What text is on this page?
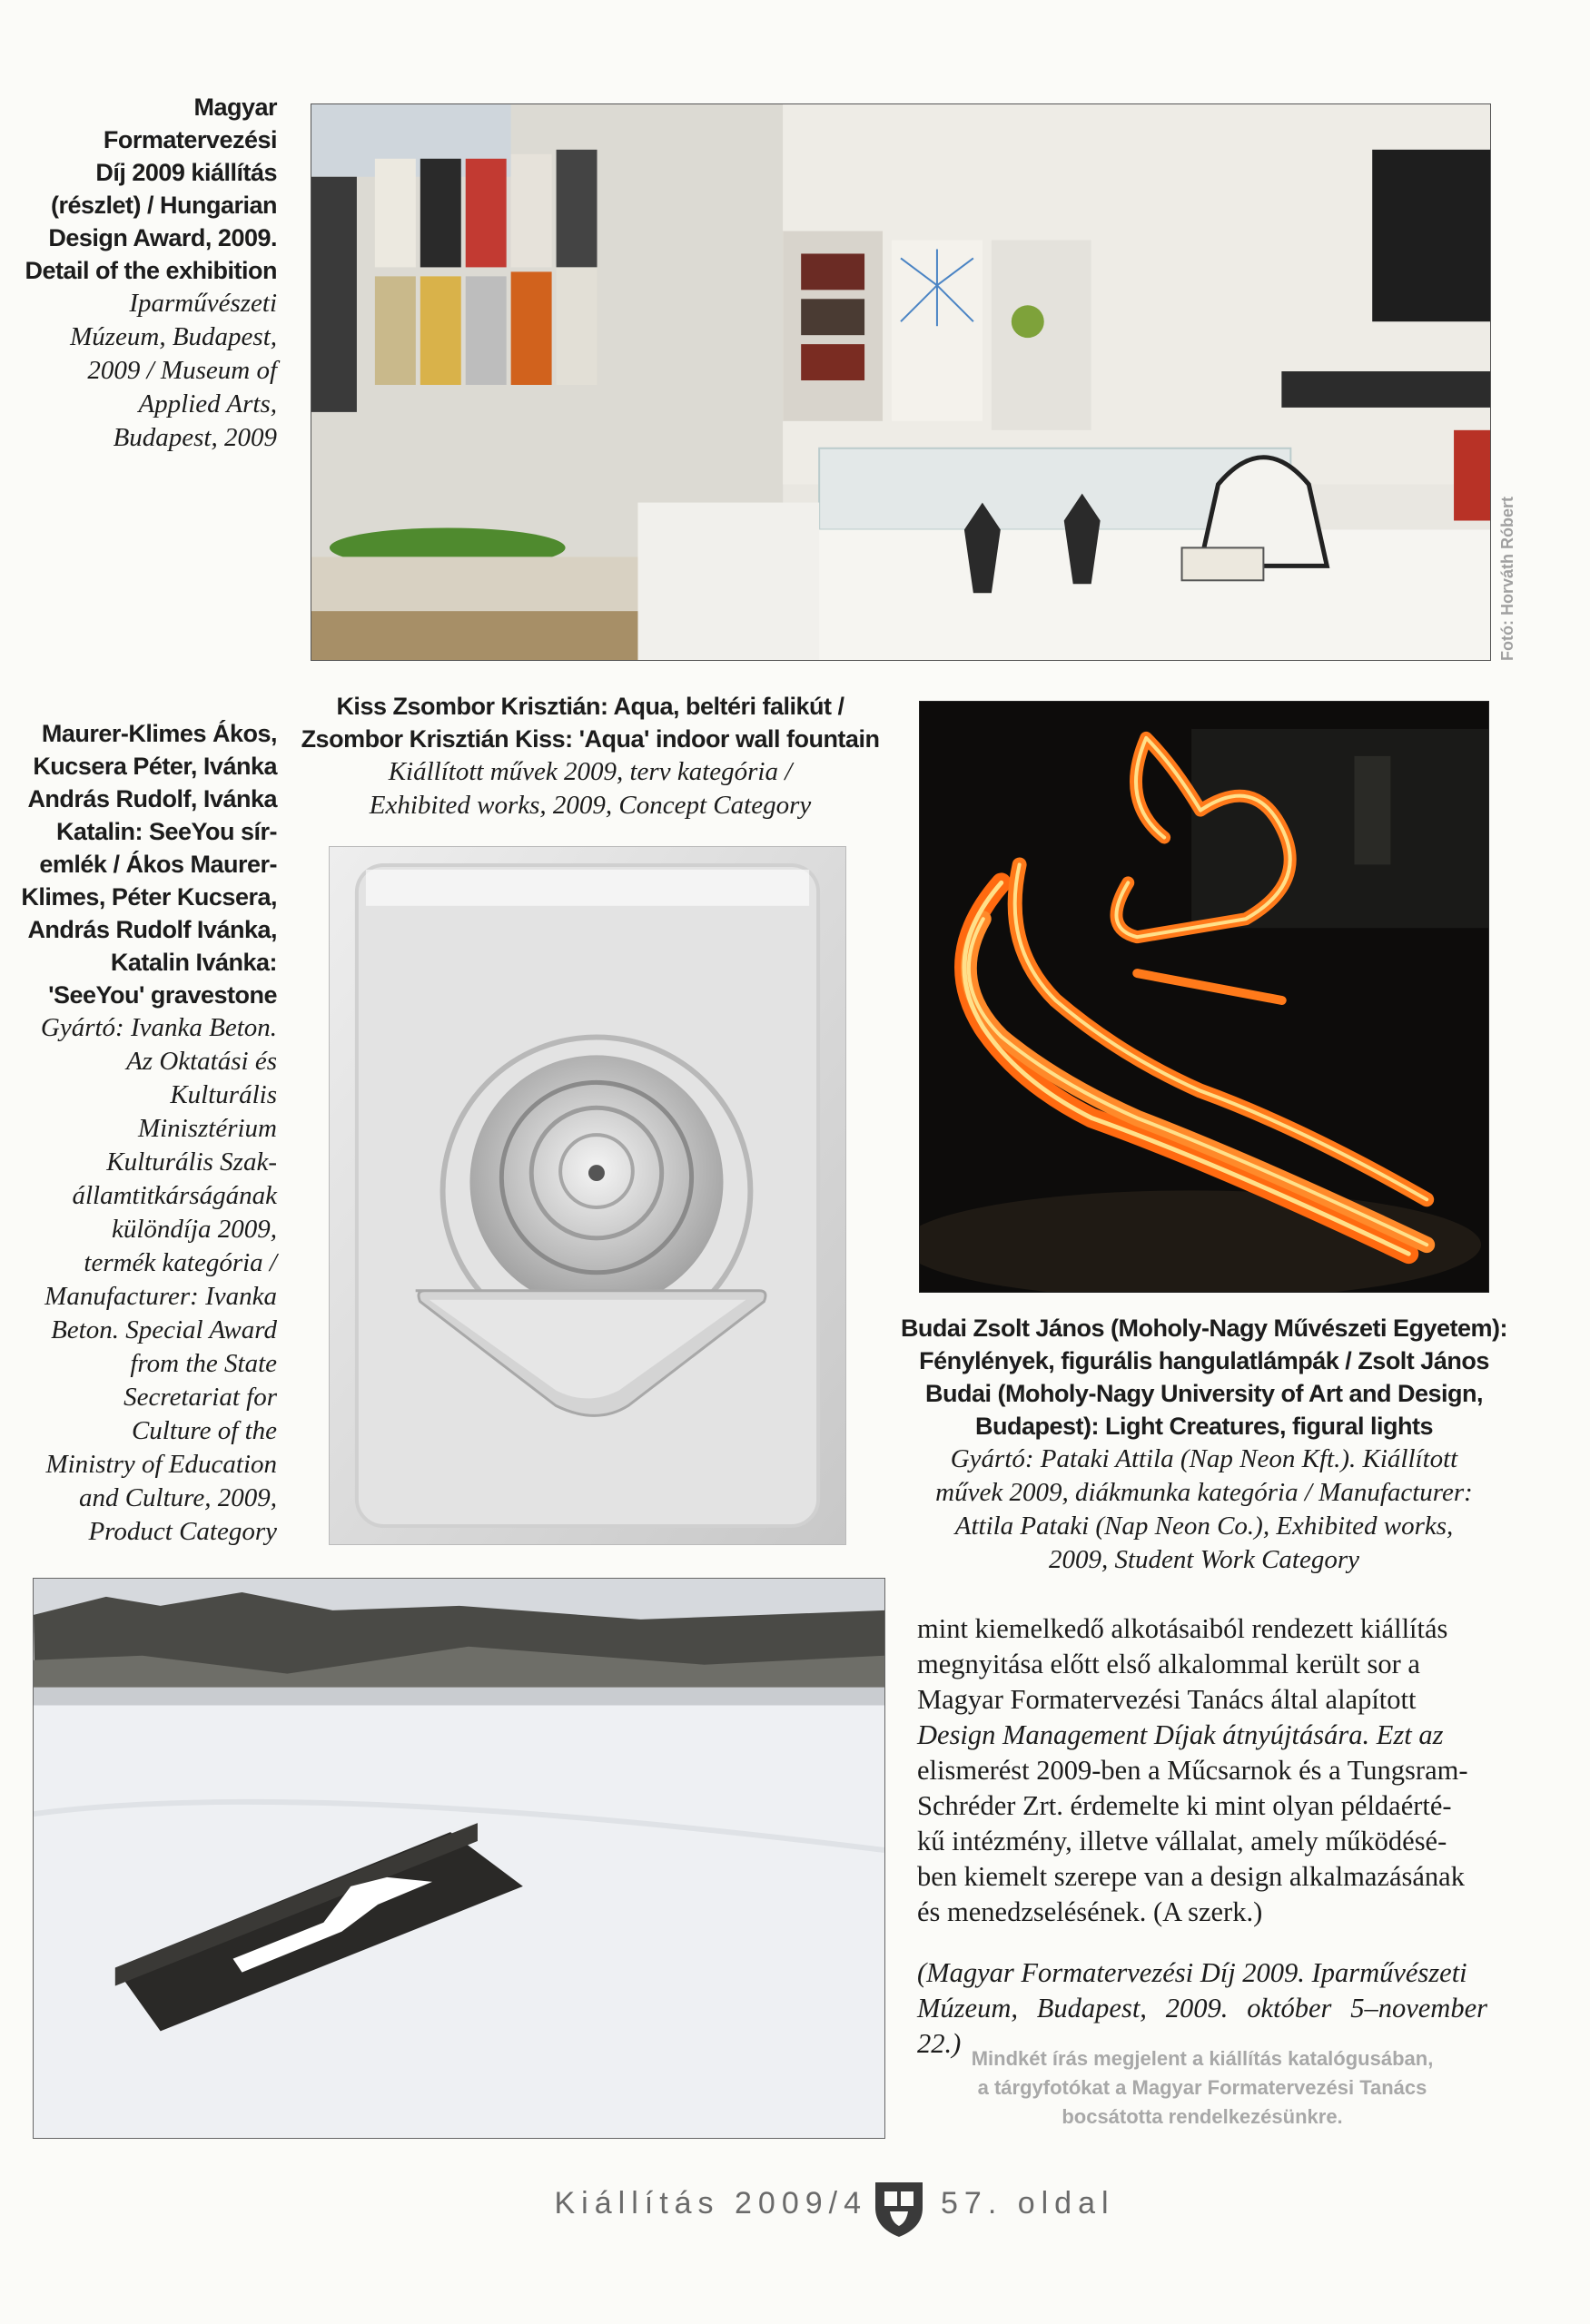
Fotó: Horváth Róbert
Magyar Formatervezési
Díj 2009 kiállítás
(részlet) / Hungarian
Design Award, 2009.
Detail of the exhibition
Iparművészeti
Múzeum, Budapest,
2009 / Museum of
Applied Arts,
Budapest, 2009
Maurer-Klimes Ákos,
Kucsera Péter, Ivánka
András Rudolf, Ivánka
Katalin: SeeYou sír-
emlék / Ákos Maurer-
Klimes, Péter Kucsera,
András Rudolf Ivánka,
Katalin Ivánka:
'SeeYou' gravestone
Gyártó: Ivanka Beton.
Az Oktatási és
Kulturális
Minisztérium
Kulturális Szak-
államtitkárságának
különdíja 2009,
termék kategória /
Manufacturer: Ivanka
Beton. Special Award
from the State
Secretariat for
Culture of the
Ministry of Education
and Culture, 2009,
Product Category
Kiss Zsombor Krisztián: Aqua, beltéri falikút /
Zsombor Krisztián Kiss: 'Aqua' indoor wall fountain
Kiállított művek 2009, terv kategória /
Exhibited works, 2009, Concept Category
Budai Zsolt János (Moholy-Nagy Művészeti Egyetem):
Fénylények, figurális hangulatlámpák / Zsolt János
Budai (Moholy-Nagy University of Art and Design,
Budapest): Light Creatures, figural lights
Gyártó: Pataki Attila (Nap Neon Kft.). Kiállított
művek 2009, diákmunka kategória / Manufacturer:
Attila Pataki (Nap Neon Co.), Exhibited works,
2009, Student Work Category
mint kiemelkedő alkotásaiból rendezett kiállítás
megnyitása előtt első alkalommal került sor a
Magyar Formatervezési Tanács által alapított
Design Management Díjak átnyújtására. Ezt az
elismerést 2009-ben a Műcsarnok és a Tungsram-
Schréder Zrt. érdemelte ki mint olyan példaérté-
kű intézmény, illetve vállalat, amely működésé-
ben kiemelt szerepe van a design alkalmazásának
és menedzselésének. (A szerk.)
(Magyar Formatervezési Díj 2009. Iparművészeti
Múzeum, Budapest, 2009. október 5–november 22.) Mindkét írás megjelent a kiállítás katalógusában,
a tárgyfotókat a Magyar Formatervezési Tanács
bocsátotta rendelkezésünkre.
Kiállítás 2009/4 57. oldal
